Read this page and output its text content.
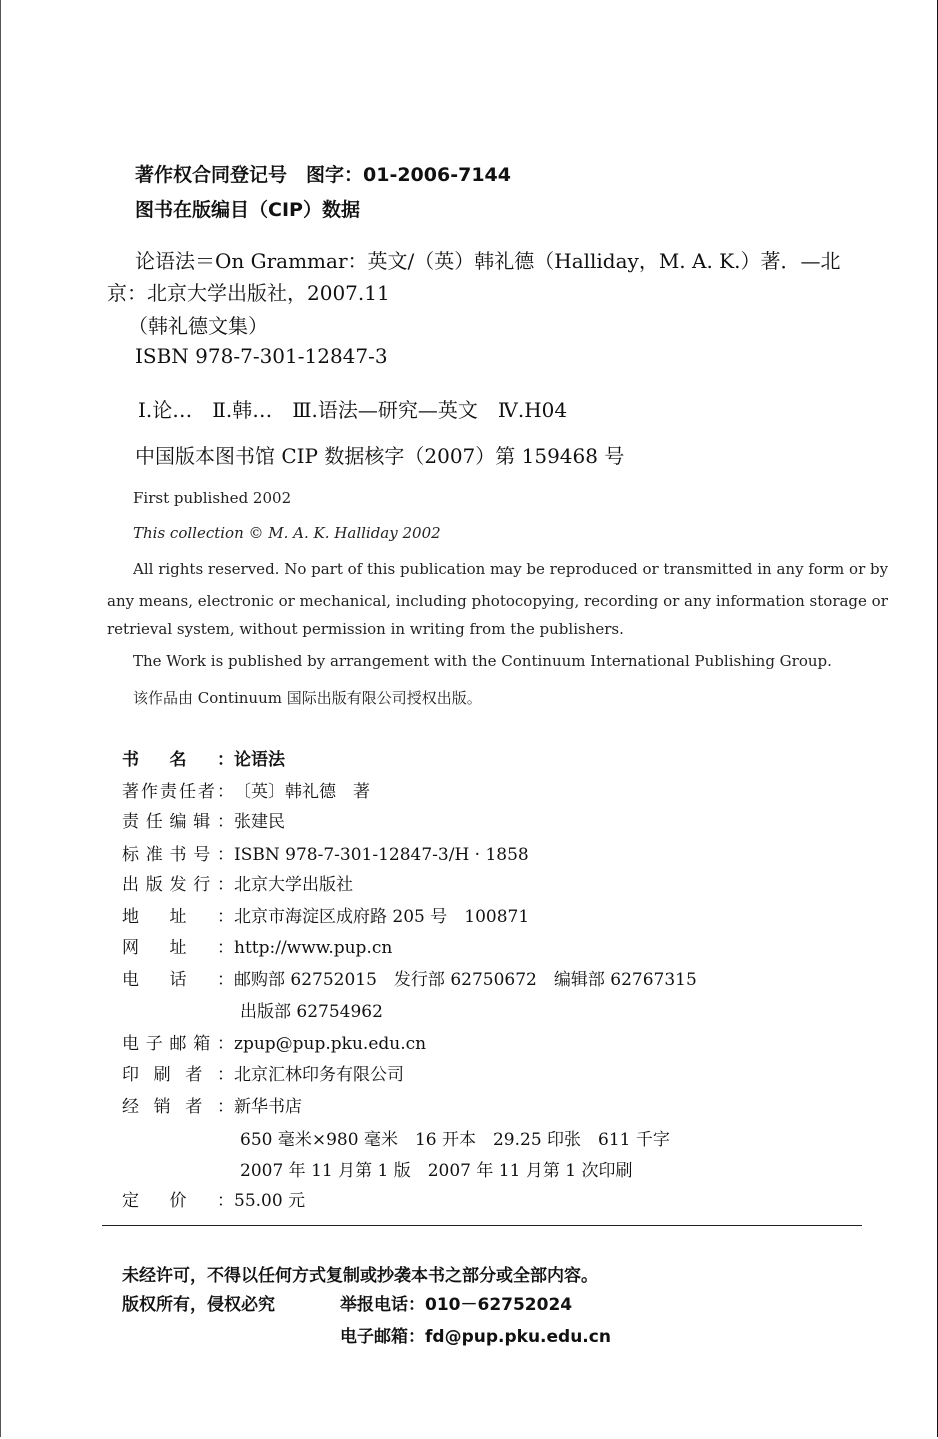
著作权合同登记号　图字：01-2006-7144
图书在版编目（CIP）数据
论语法＝On Grammar：英文/（英）韩礼德（Halliday，M. A. K.）著．—北
京：北京大学出版社，2007.11
（韩礼德文集）
ISBN 978-7-301-12847-3
Ⅰ.论…　Ⅱ.韩…　Ⅲ.语法—研究—英文　Ⅳ.H04
中国版本图书馆 CIP 数据核字（2007）第 159468 号
First published 2002
This collection © M. A. K. Halliday 2002
All rights reserved. No part of this publication may be reproduced or transmitted in any form or by
any means, electronic or mechanical, including photocopying, recording or any information storage or
retrieval system, without permission in writing from the publishers.
The Work is published by arrangement with the Continuum International Publishing Group.
该作品由 Continuum 国际出版有限公司授权出版。
书名：论语法
著作责任者：〔英〕韩礼德　著
责任编辑：张建民
标准书号：ISBN 978-7-301-12847-3/H · 1858
出版发行：北京大学出版社
地址：北京市海淀区成府路 205 号　100871
网址：http://www.pup.cn
电话：邮购部 62752015　发行部 62750672　编辑部 62767315
出版部 62754962
电子邮箱：zpup@pup.pku.edu.cn
印刷者：北京汇林印务有限公司
经销者：新华书店
650 毫米×980 毫米　16 开本　29.25 印张　611 千字
2007 年 11 月第 1 版　2007 年 11 月第 1 次印刷
定价：55.00 元
未经许可，不得以任何方式复制或抄袭本书之部分或全部内容。
版权所有，侵权必究	举报电话：010－62752024
电子邮箱：fd@pup.pku.edu.cn
